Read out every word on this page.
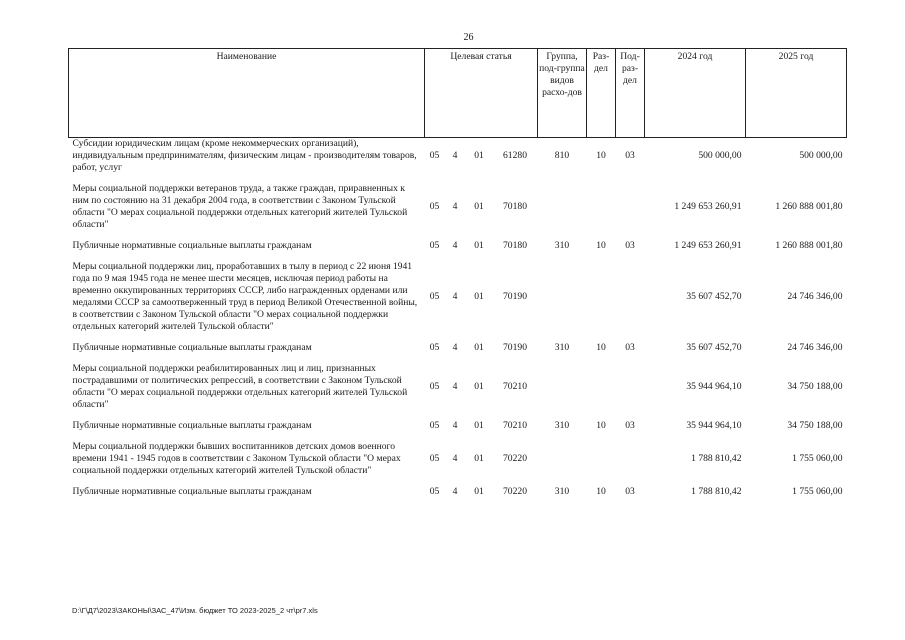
26
Наименование	Целевая статья				Группа, под-группа видов расхо-дов	Раз-дел	Под-раз-дел	2024 год	2025 год
Субсидии юридическим лицам (кроме некоммерческих организаций), индивидуальным предпринимателям, физическим лицам - производителям товаров, работ, услуг	05	4	01	61280	810	10	03	500 000,00	500 000,00

Меры социальной поддержки ветеранов труда, а также граждан, приравненных к ним по состоянию на 31 декабря 2004 года, в соответствии с Законом Тульской области "О мерах социальной поддержки отдельных категорий жителей Тульской области"	05	4	01	70180				1 249 653 260,91	1 260 888 001,80

Публичные нормативные социальные выплаты гражданам	05	4	01	70180	310	10	03	1 249 653 260,91	1 260 888 001,80

Меры социальной поддержки лиц, проработавших в тылу в период с 22 июня 1941 года по 9 мая 1945 года не менее шести месяцев, исключая период работы на временно оккупированных территориях СССР, либо награжденных орденами или медалями СССР за самоотверженный труд в период Великой Отечественной войны, в соответствии с Законом Тульской области "О мерах социальной поддержки отдельных категорий жителей Тульской области"	05	4	01	70190				35 607 452,70	24 746 346,00

Публичные нормативные социальные выплаты гражданам	05	4	01	70190	310	10	03	35 607 452,70	24 746 346,00

Меры социальной поддержки реабилитированных лиц и лиц, признанных пострадавшими от политических репрессий, в соответствии с Законом Тульской области "О мерах социальной поддержки отдельных категорий жителей Тульской области"	05	4	01	70210				35 944 964,10	34 750 188,00

Публичные нормативные социальные выплаты гражданам	05	4	01	70210	310	10	03	35 944 964,10	34 750 188,00

Меры социальной поддержки бывших воспитанников детских домов военного времени 1941 - 1945 годов в соответствии с Законом Тульской области "О мерах социальной поддержки отдельных категорий жителей Тульской области"	05	4	01	70220				1 788 810,42	1 755 060,00

Публичные нормативные социальные выплаты гражданам	05	4	01	70220	310	10	03	1 788 810,42	1 755 060,00
D:\Г\Д7\2023\ЗАКОНЫ\ЗАС_47\Изм. бюджет ТО 2023-2025_2 чт\pr7.xls
